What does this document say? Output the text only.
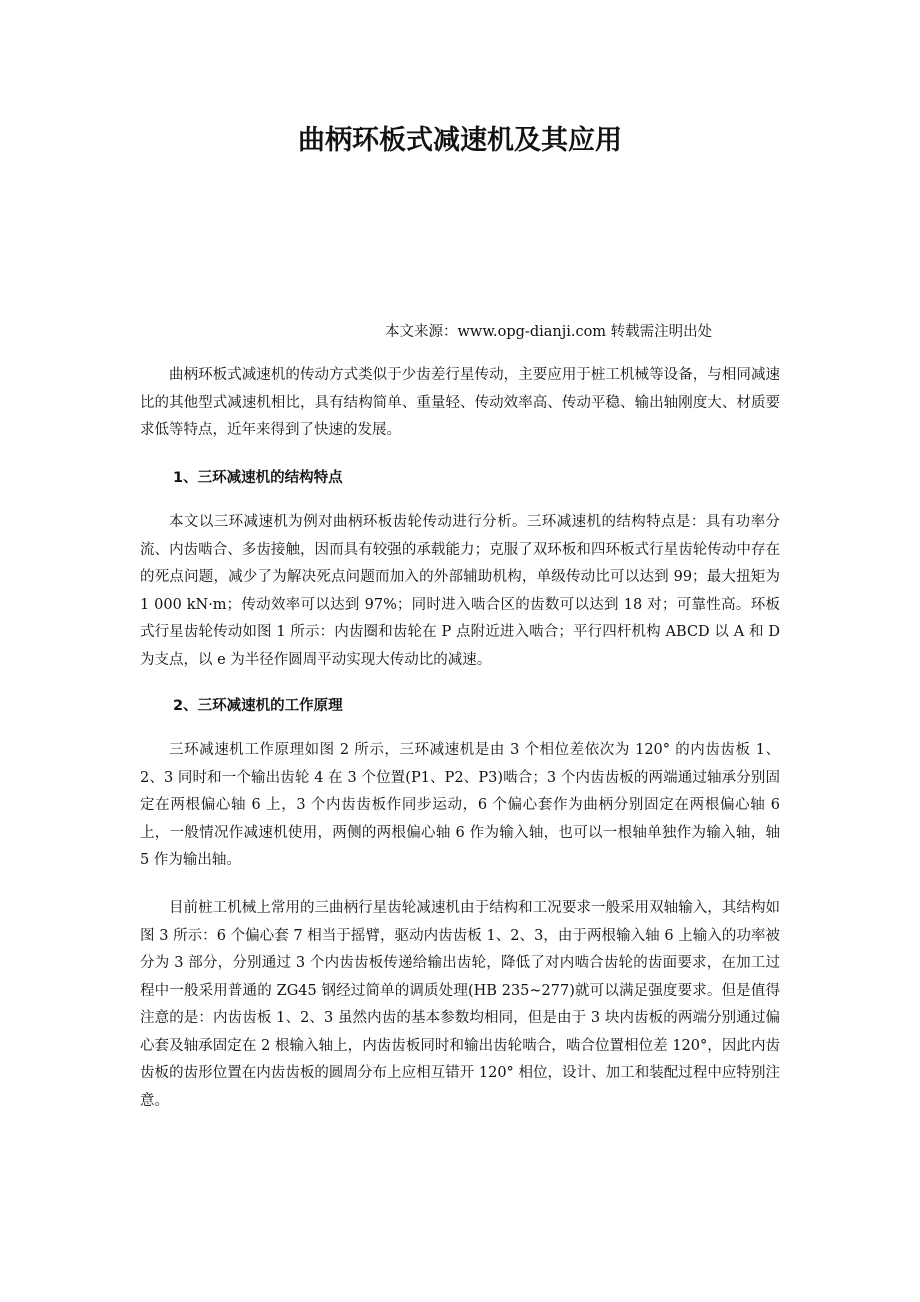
曲柄环板式减速机及其应用

本文来源：www.opg-dianji.com 转载需注明出处

曲柄环板式减速机的传动方式类似于少齿差行星传动，主要应用于桩工机械等设备，与相同减速比的其他型式减速机相比，具有结构简单、重量轻、传动效率高、传动平稳、输出轴刚度大、材质要求低等特点，近年来得到了快速的发展。

1、三环减速机的结构特点

本文以三环减速机为例对曲柄环板齿轮传动进行分析。三环减速机的结构特点是：具有功率分流、内齿啮合、多齿接触，因而具有较强的承载能力；克服了双环板和四环板式行星齿轮传动中存在的死点问题，减少了为解决死点问题而加入的外部辅助机构，单级传动比可以达到 99；最大扭矩为 1 000 kN·m；传动效率可以达到 97%；同时进入啮合区的齿数可以达到 18 对；可靠性高。环板式行星齿轮传动如图 1 所示：内齿圈和齿轮在 P 点附近进入啮合；平行四杆机构 ABCD 以 A 和 D 为支点，以 e 为半径作圆周平动实现大传动比的减速。

2、三环减速机的工作原理

三环减速机工作原理如图 2 所示，三环减速机是由 3 个相位差依次为 120° 的内齿齿板 1、2、3 同时和一个输出齿轮 4 在 3 个位置(P1、P2、P3)啮合；3 个内齿齿板的两端通过轴承分别固定在两根偏心轴 6 上，3 个内齿齿板作同步运动，6 个偏心套作为曲柄分别固定在两根偏心轴 6 上，一般情况作减速机使用，两侧的两根偏心轴 6 作为输入轴，也可以一根轴单独作为输入轴，轴 5 作为输出轴。

目前桩工机械上常用的三曲柄行星齿轮减速机由于结构和工况要求一般采用双轴输入，其结构如图 3 所示：6 个偏心套 7 相当于摇臂，驱动内齿齿板 1、2、3，由于两根输入轴 6 上输入的功率被分为 3 部分，分别通过 3 个内齿齿板传递给输出齿轮，降低了对内啮合齿轮的齿面要求，在加工过程中一般采用普通的 ZG45 钢经过简单的调质处理(HB 235~277)就可以满足强度要求。但是值得注意的是：内齿齿板 1、2、3 虽然内齿的基本参数均相同，但是由于 3 块内齿板的两端分别通过偏心套及轴承固定在 2 根输入轴上，内齿齿板同时和输出齿轮啮合，啮合位置相位差 120°，因此内齿齿板的齿形位置在内齿齿板的圆周分布上应相互错开 120° 相位，设计、加工和装配过程中应特别注意。
